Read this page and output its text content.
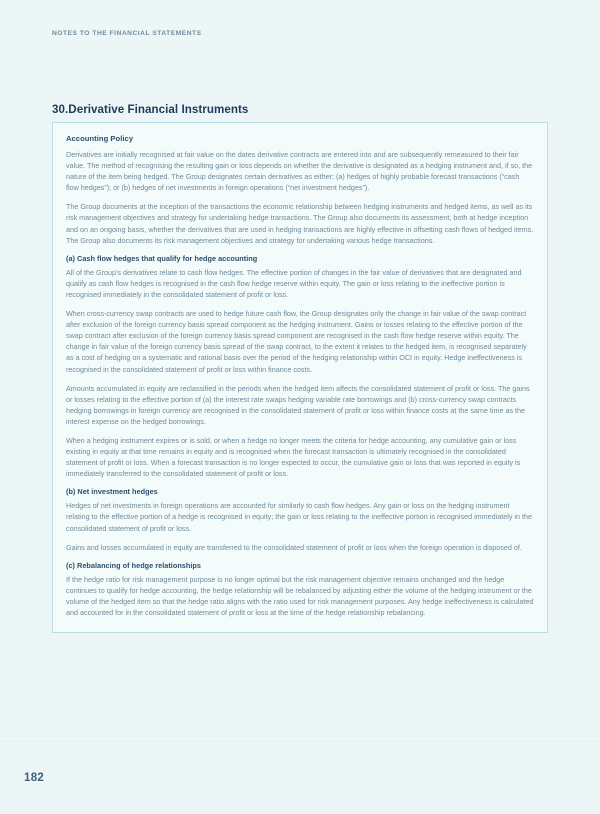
NOTES TO THE FINANCIAL STATEMENTS
30.Derivative Financial Instruments
Accounting Policy

Derivatives are initially recognised at fair value on the dates derivative contracts are entered into and are subsequently remeasured to their fair value. The method of recognising the resulting gain or loss depends on whether the derivative is designated as a hedging instrument and, if so, the nature of the item being hedged. The Group designates certain derivatives as either: (a) hedges of highly probable forecast transactions (“cash flow hedges”); or (b) hedges of net investments in foreign operations (“net investment hedges”).

The Group documents at the inception of the transactions the economic relationship between hedging instruments and hedged items, as well as its risk management objectives and strategy for undertaking hedge transactions. The Group also documents its assessment, both at hedge inception and on an ongoing basis, whether the derivatives that are used in hedging transactions are highly effective in offsetting cash flows of hedged items. The Group also documents its risk management objectives and strategy for undertaking various hedge transactions.

(a) Cash flow hedges that qualify for hedge accounting

All of the Group’s derivatives relate to cash flow hedges. The effective portion of changes in the fair value of derivatives that are designated and qualify as cash flow hedges is recognised in the cash flow hedge reserve within equity. The gain or loss relating to the ineffective portion is recognised immediately in the consolidated statement of profit or loss.

When cross-currency swap contracts are used to hedge future cash flow, the Group designates only the change in fair value of the swap contract after exclusion of the foreign currency basis spread component as the hedging instrument. Gains or losses relating to the effective portion of the swap contract after exclusion of the foreign currency basis spread component are recognised in the cash flow hedge reserve within equity. The change in fair value of the foreign currency basis spread of the swap contract, to the extent it relates to the hedged item, is recognised separately as a cost of hedging on a systematic and rational basis over the period of the hedging relationship within OCI in equity. Hedge ineffectiveness is recognised in the consolidated statement of profit or loss within finance costs.

Amounts accumulated in equity are reclassified in the periods when the hedged item affects the consolidated statement of profit or loss. The gains or losses relating to the effective portion of (a) the interest rate swaps hedging variable rate borrowings and (b) cross-currency swap contracts hedging borrowings in foreign currency are recognised in the consolidated statement of profit or loss within finance costs at the same time as the interest expense on the hedged borrowings.

When a hedging instrument expires or is sold, or when a hedge no longer meets the criteria for hedge accounting, any cumulative gain or loss existing in equity at that time remains in equity and is recognised when the forecast transaction is ultimately recognised in the consolidated statement of profit or loss. When a forecast transaction is no longer expected to occur, the cumulative gain or loss that was reported in equity is immediately transferred to the consolidated statement of profit or loss.

(b) Net investment hedges

Hedges of net investments in foreign operations are accounted for similarly to cash flow hedges. Any gain or loss on the hedging instrument relating to the effective portion of a hedge is recognised in equity; the gain or loss relating to the ineffective portion is recognised immediately in the consolidated statement of profit or loss.

Gains and losses accumulated in equity are transferred to the consolidated statement of profit or loss when the foreign operation is disposed of.

(c) Rebalancing of hedge relationships

If the hedge ratio for risk management purpose is no longer optimal but the risk management objective remains unchanged and the hedge continues to qualify for hedge accounting, the hedge relationship will be rebalanced by adjusting either the volume of the hedging instrument or the volume of the hedged item so that the hedge ratio aligns with the ratio used for risk management purposes. Any hedge ineffectiveness is calculated and accounted for in the consolidated statement of profit or loss at the time of the hedge relationship rebalancing.

182
